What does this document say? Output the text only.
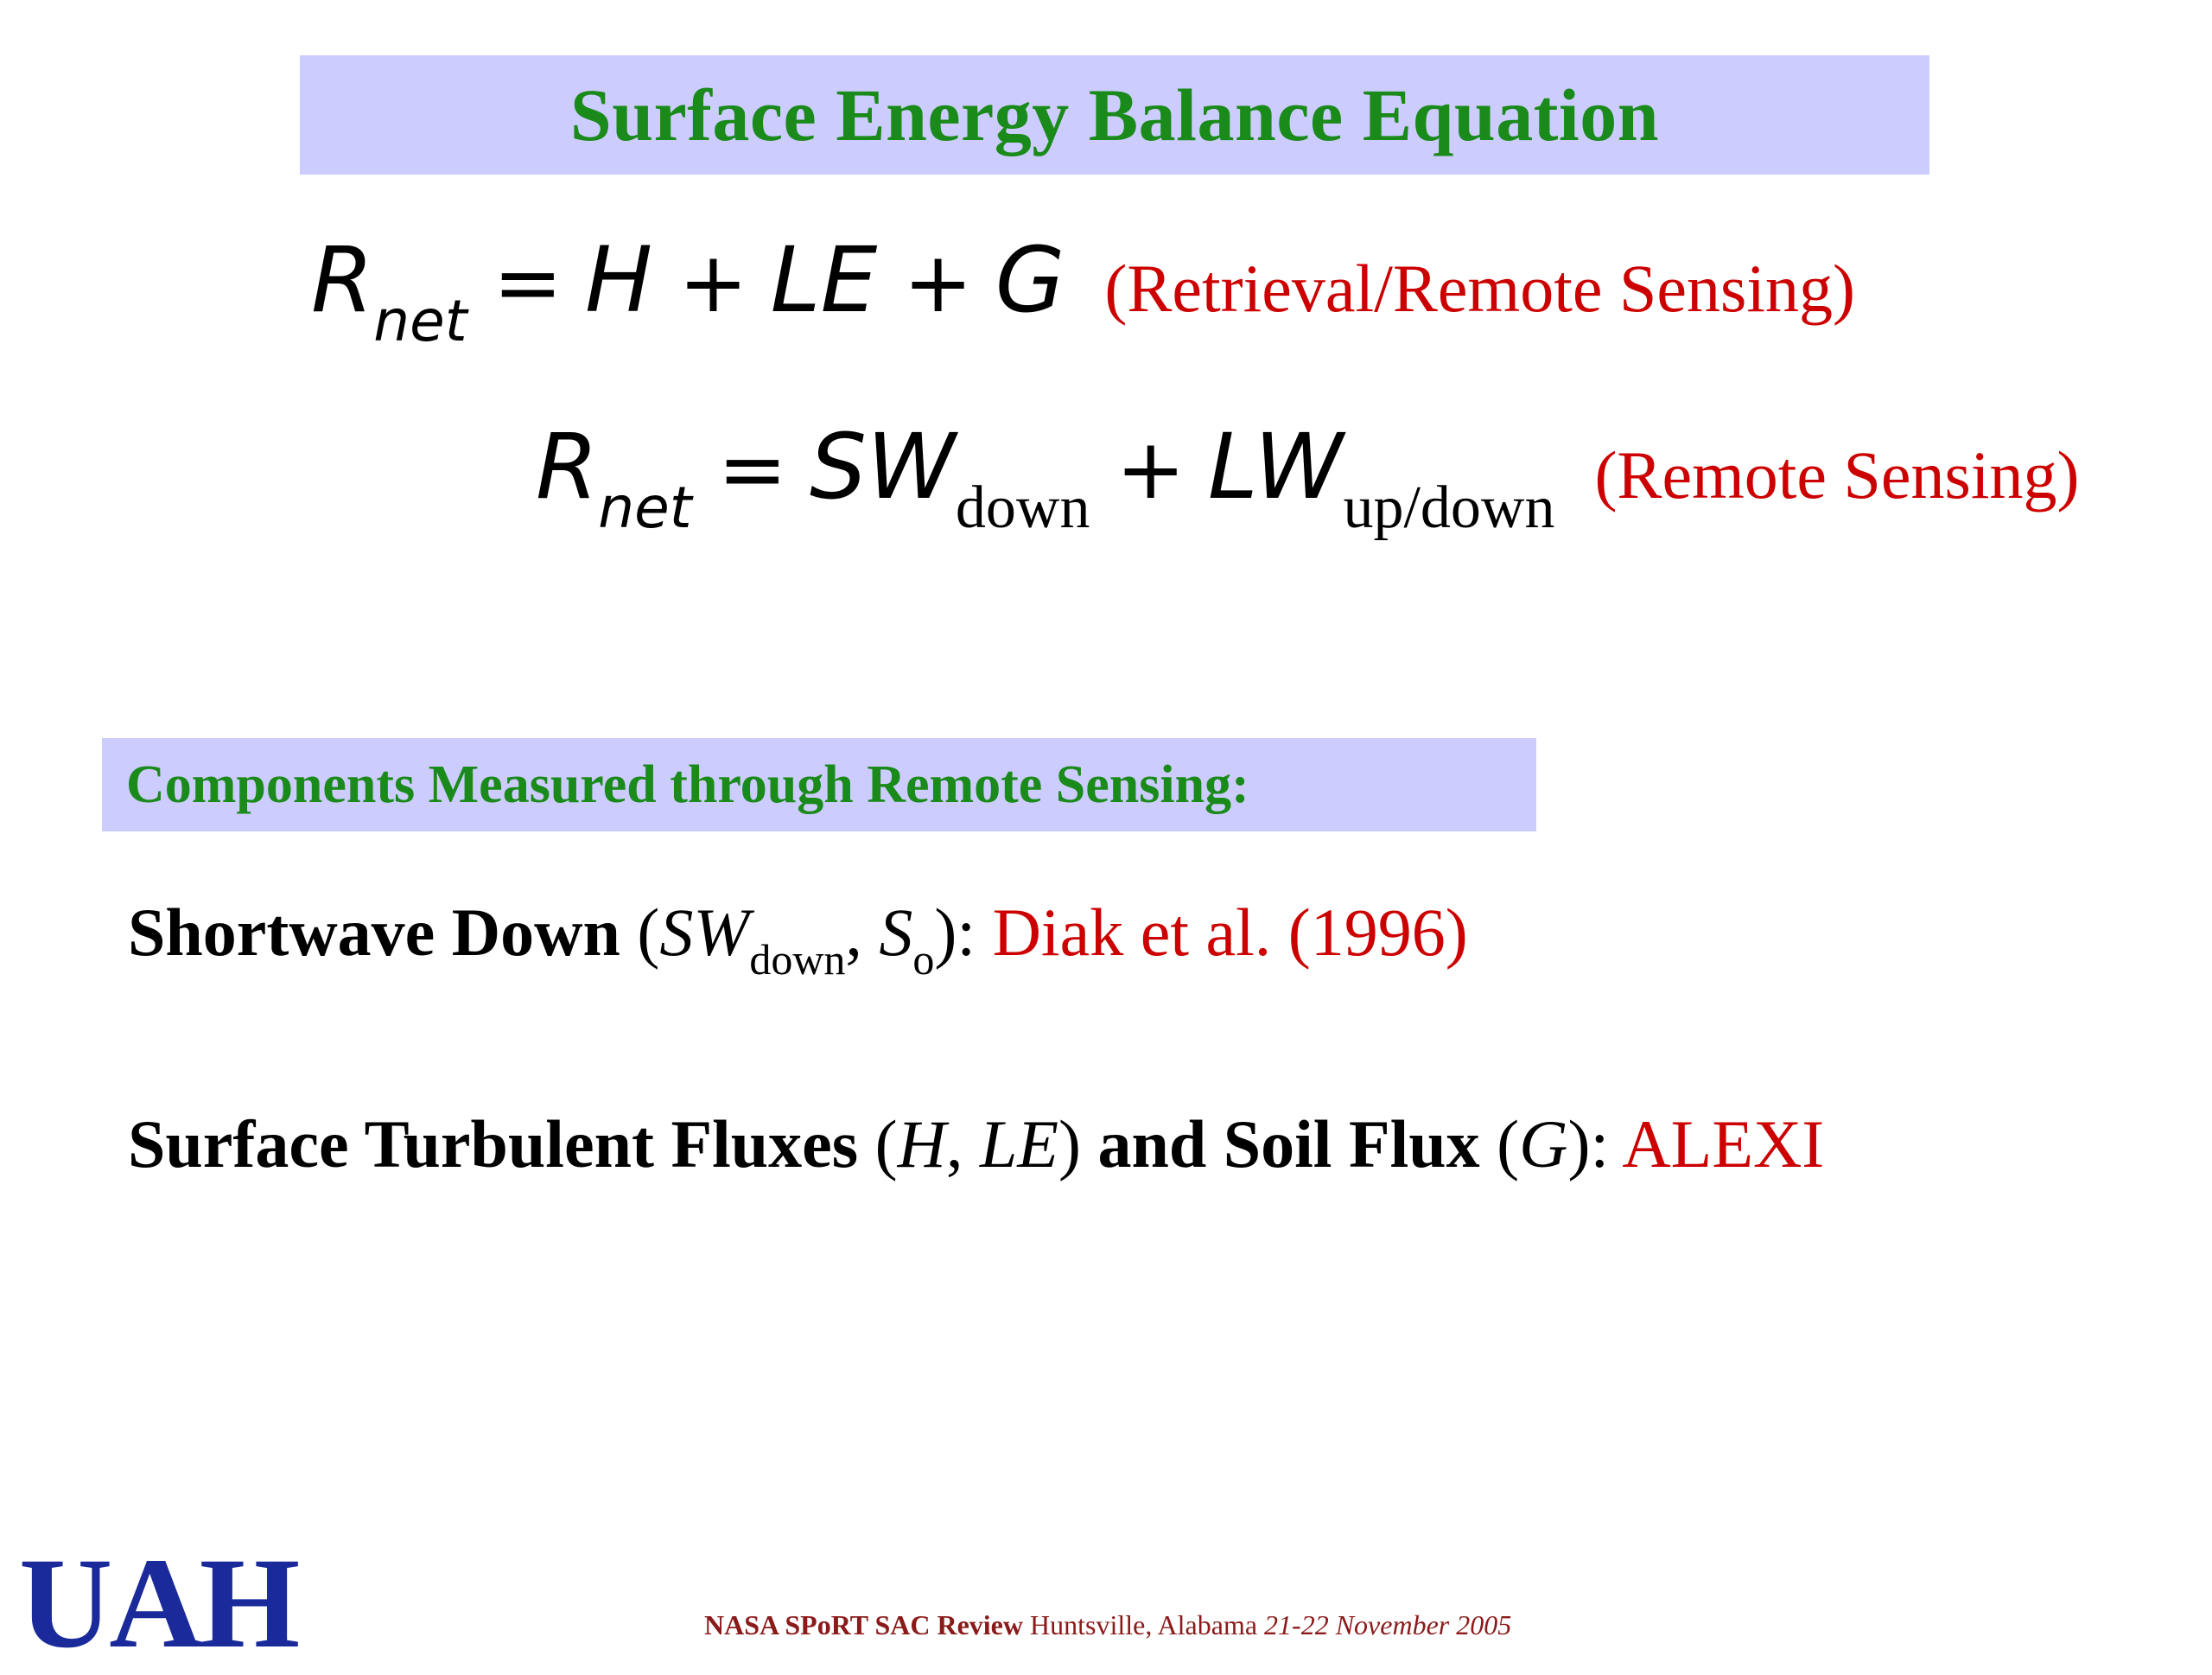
Surface Energy Balance Equation
Rnet = H + LE + G (Retrieval/Remote Sensing)
Rnet = SWdown + LWup/down (Remote Sensing)
Components Measured through Remote Sensing:
Shortwave Down ($SW_{down}$, $S_o$): Diak et al. (1996)
Surface Turbulent Fluxes (H, LE) and Soil Flux (G): ALEXI
UAH	NASA SPoRT SAC Review Huntsville, Alabama 21-22 November 2005
